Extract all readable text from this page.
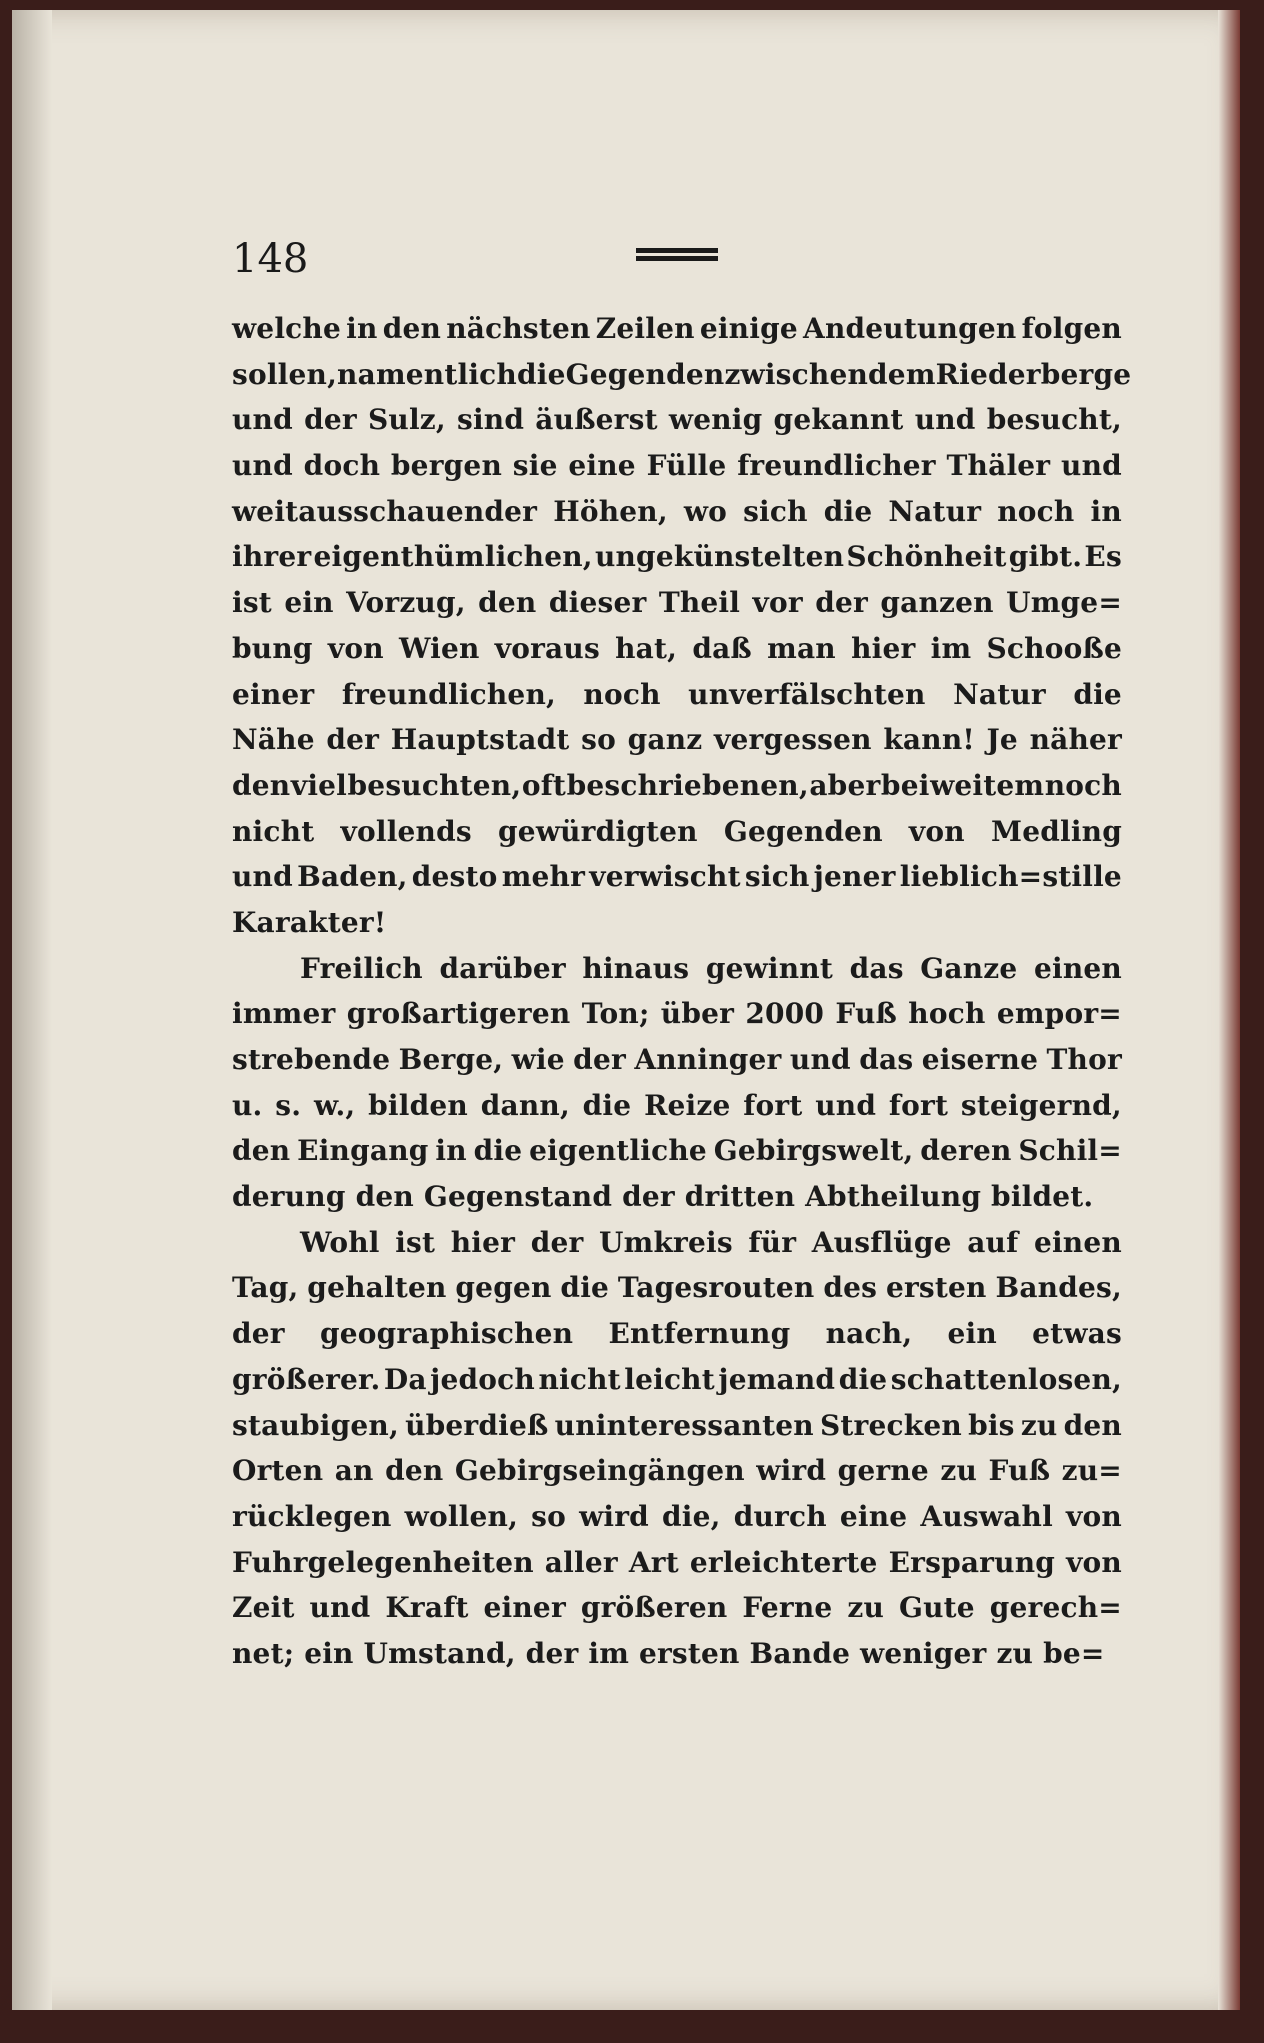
148
welche in den nächsten Zeilen einige Andeutungen folgen
sollen, namentlich die Gegenden zwischen dem Riederberge
und der Sulz, sind äußerst wenig gekannt und besucht,
und doch bergen sie eine Fülle freundlicher Thäler und
weitausschauender Höhen, wo sich die Natur noch in
ihrer eigenthümlichen, ungekünstelten Schönheit gibt. Es
ist ein Vorzug, den dieser Theil vor der ganzen Umge=
bung von Wien voraus hat, daß man hier im Schooße
einer freundlichen, noch unverfälschten Natur die
Nähe der Hauptstadt so ganz vergessen kann! Je näher
den viel besuchten, oft beschriebenen, aber bei weitem noch
nicht vollends gewürdigten Gegenden von Medling
und Baden, desto mehr verwischt sich jener lieblich=stille
Karakter!
Freilich darüber hinaus gewinnt das Ganze einen
immer großartigeren Ton; über 2000 Fuß hoch empor=
strebende Berge, wie der Anninger und das eiserne Thor
u. s. w., bilden dann, die Reize fort und fort steigernd,
den Eingang in die eigentliche Gebirgswelt, deren Schil=
derung den Gegenstand der dritten Abtheilung bildet.
Wohl ist hier der Umkreis für Ausflüge auf einen
Tag, gehalten gegen die Tagesrouten des ersten Bandes,
der geographischen Entfernung nach, ein etwas
größerer. Da jedoch nicht leicht jemand die schattenlosen,
staubigen, überdieß uninteressanten Strecken bis zu den
Orten an den Gebirgseingängen wird gerne zu Fuß zu=
rücklegen wollen, so wird die, durch eine Auswahl von
Fuhrgelegenheiten aller Art erleichterte Ersparung von
Zeit und Kraft einer größeren Ferne zu Gute gerech=
net; ein Umstand, der im ersten Bande weniger zu be=
